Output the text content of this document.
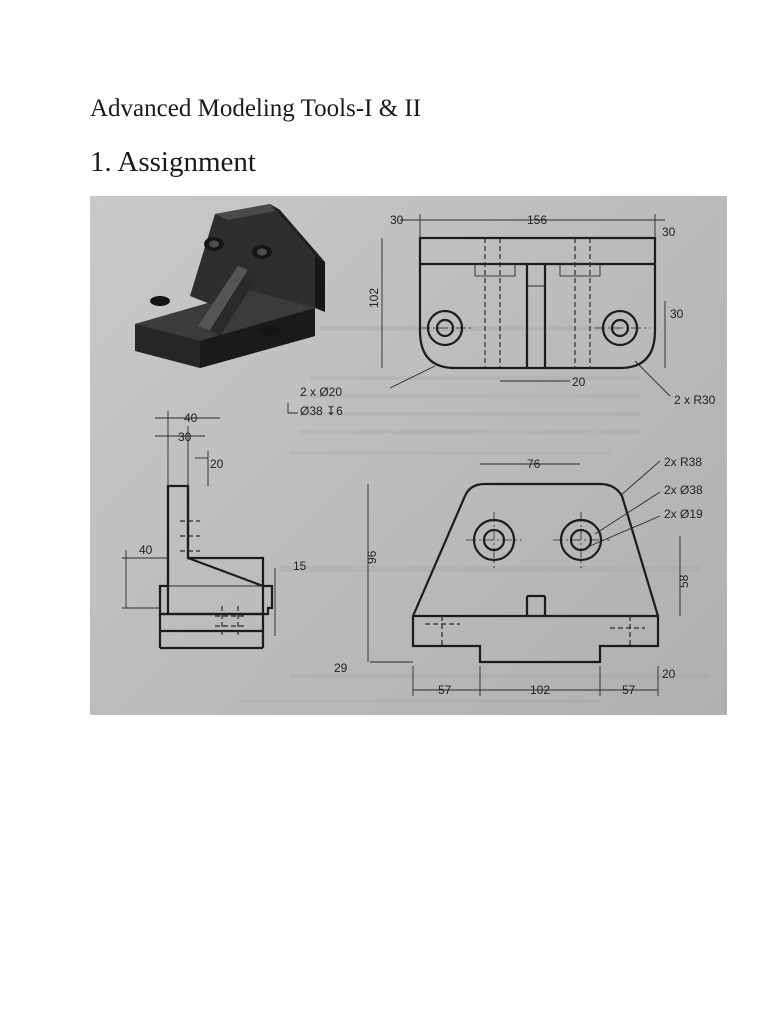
Advanced Modeling Tools-I & II
1. Assignment
30	156
30
102
30
20
2 x R30
2 x Ø20
Ø38 ↧6
40
30
20
40
15
76	2x R38
2x Ø38
2x Ø19
96
58
29
57	102	57
20
